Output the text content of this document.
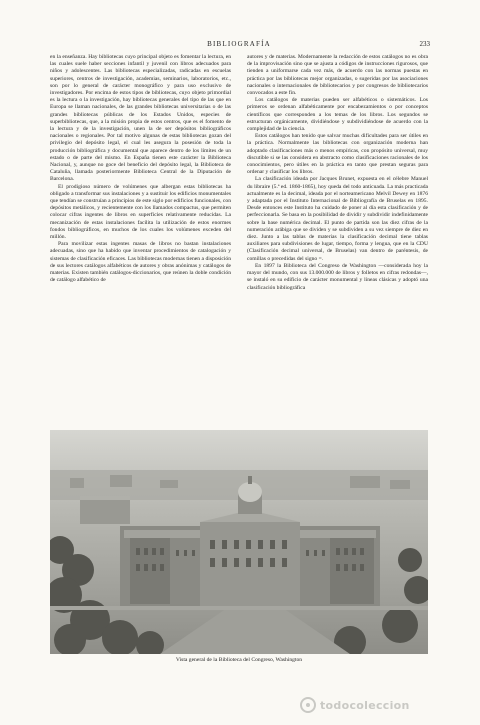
BIBLIOGRAFÍA	233

en la enseñanza. Hay bibliotecas cuyo principal objeto es fomentar la lectura, en las cuales suele haber secciones infantil y juvenil con libros adecuados para niños y adolescentes. Las bibliotecas especializadas, radicadas en escuelas superiores, centros de investigación, academias, seminarios, laboratorios, etc., son por lo general de carácter monográfico y para uso exclusivo de investigadores. Por encima de estos tipos de bibliotecas, cuyo objeto primordial es la lectura o la investigación, hay bibliotecas generales del tipo de las que en Europa se llaman nacionales, de las grandes bibliotecas universitarias o de las grandes bibliotecas públicas de los Estados Unidos, especies de superbibliotecas, que, a la misión propia de estos centros, que es el fomento de la lectura y de la investigación, unen la de ser depósitos bibliográficos nacionales o regionales. Por tal motivo algunas de estas bibliotecas gozan del privilegio del depósito legal, el cual les asegura la posesión de toda la producción bibliográfica y documental que aparece dentro de los límites de un estado o de parte del mismo. En España tienen este carácter la Biblioteca Nacional, y, aunque no goce del beneficio del depósito legal, la Biblioteca de Cataluña, llamada posteriormente Biblioteca Central de la Diputación de Barcelona.

El prodigioso número de volúmenes que albergan estas bibliotecas ha obligado a transformar sus instalaciones y a sustituir los edificios monumentales que tendían se construían a principios de este siglo por edificios funcionales, con depósitos metálicos, y recientemente con los llamados compactus, que permiten colocar cifras ingentes de libros en superficies relativamente reducidas. La mecanización de estas instalaciones facilita la utilización de estos enormes fondos bibliográficos, en muchos de los cuales los volúmenes exceden del millón.

Para movilizar estas ingentes masas de libros no bastan instalaciones adecuadas, sino que ha habido que inventar procedimientos de catalogación y sistemas de clasificación eficaces. Las bibliotecas modernas tienen a disposición de sus lectores catálogos alfabéticos de autores y obras anónimas y catálogos de materias. Existen también catálogos-diccionarios, que reúnen la doble condición de catálogo alfabético de

autores y de materias. Modernamente la redacción de estos catálogos no es obra de la improvisación sino que se ajusta a códigos de instrucciones rigurosos, que tienden a uniformarse cada vez más, de acuerdo con las normas puestas en práctica por las bibliotecas mejor organizadas, o sugeridas por las asociaciones nacionales o internacionales de bibliotecarios y por congresos de bibliotecarios convocados a este fin.

Los catálogos de materias pueden ser alfabéticos o sistemáticos. Los primeros se ordenan alfabéticamente por encabezamientos o por conceptos científicos que corresponden a los temas de los libros. Los segundos se estructuran orgánicamente, dividiéndose y subdividiéndose de acuerdo con la complejidad de la ciencia.

Estos catálogos han tenido que salvar muchas dificultades para ser útiles en la práctica. Normalmente las bibliotecas con organización moderna han adoptado clasificaciones más o menos empíricas, con propósito universal, muy discutible si se las considera en abstracto como clasificaciones racionales de los conocimientos, pero útiles en la práctica en tanto que prestan seguras para ordenar y clasificar los libros.

La clasificación ideada por Jacques Brunet, expuesta en el célebre Manuel du libraire (5.ª ed. 1860-1865), hoy queda del todo anticuada. La más practicada actualmente es la decimal, ideada por el norteamericano Melvil Dewey en 1876 y adaptada por el Instituto Internacional de Bibliografía de Bruselas en 1895. Desde entonces este Instituto ha cuidado de poner al día esta clasificación y de perfeccionarla. Se basa en la posibilidad de dividir y subdividir indefinidamente sobre la base numérica decimal. El punto de partida son las diez cifras de la numeración arábiga que se dividen y se subdividen a su vez siempre de diez en diez. Junto a las tablas de materias la clasificación decimal tiene tablas auxiliares para subdivisiones de lugar, tiempo, forma y lengua, que en la CDU (Clasificación decimal universal, de Bruselas) van dentro de paréntesis, de comillas o precedidas del signo =.

En 1897 la Biblioteca del Congreso de Washington —considerada hoy la mayor del mundo, con sus 13.000.000 de libros y folletos en cifras redondas—, se instaló en su edificio de carácter monumental y líneas clásicas y adoptó una clasificación bibliográfica

Vista general de la Biblioteca del Congreso, Washington
todocoleccion
